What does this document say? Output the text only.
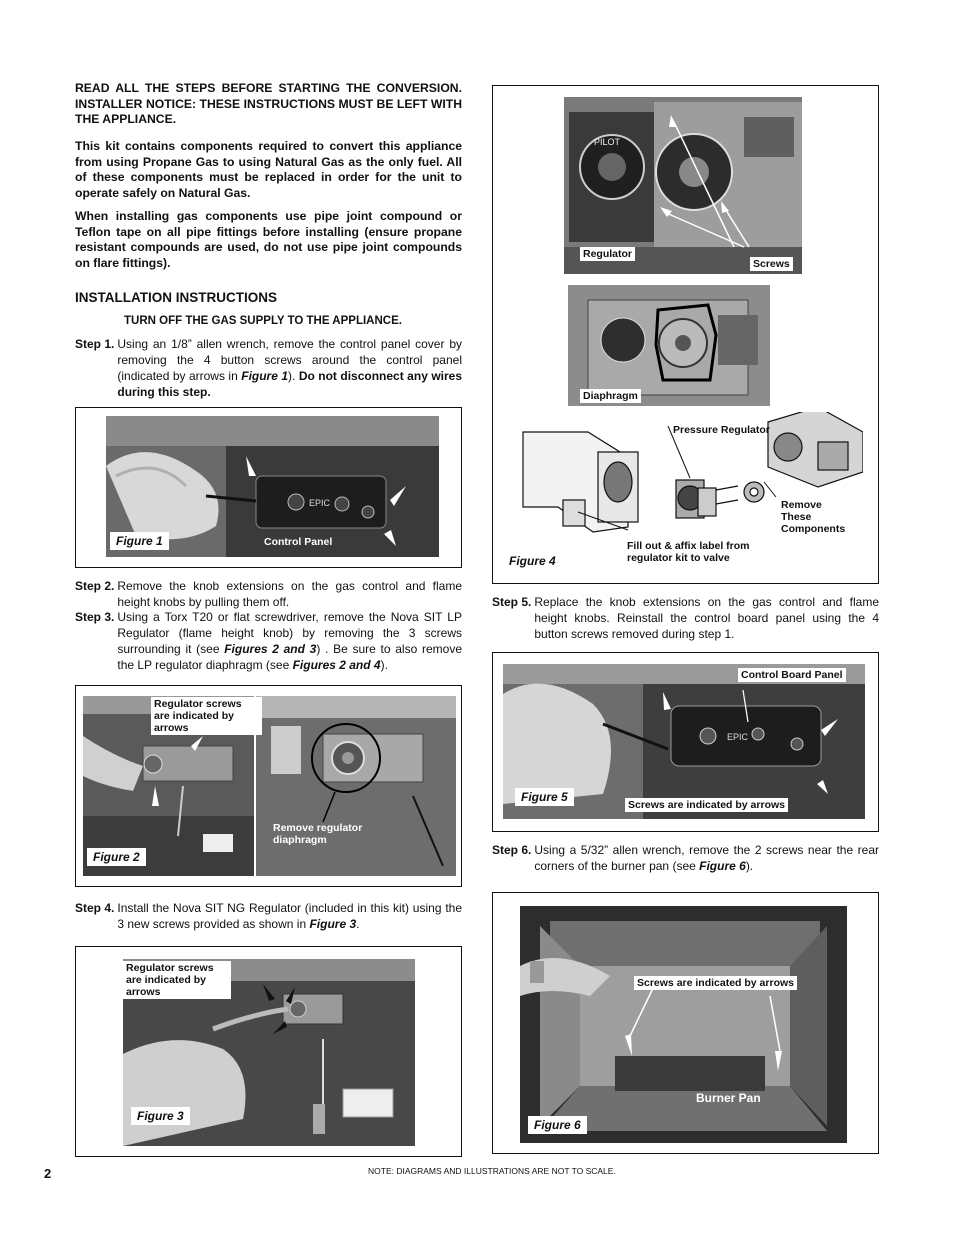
READ ALL THE STEPS BEFORE STARTING THE CONVERSION. INSTALLER NOTICE: THESE INSTRUCTIONS MUST BE LEFT WITH THE APPLIANCE.
This kit contains components required to convert this appliance from using Propane Gas to using Natural Gas as the only fuel. All of these components must be replaced in order for the unit to operate safely on Natural Gas.
When installing gas components use pipe joint compound or Teflon tape on all pipe fittings before installing (ensure propane resistant compounds are used, do not use pipe joint compounds on flare fittings).
INSTALLATION INSTRUCTIONS
TURN OFF THE GAS SUPPLY TO THE APPLIANCE.
Step 1. Using an 1/8” allen wrench, remove the control panel cover by removing the 4 button screws around the control panel (indicated by arrows in Figure 1). Do not disconnect any wires during this step.
EPIC
Figure 1	Control Panel
Step 2. Remove the knob extensions on the gas control and flame height knobs by pulling them off.
Step 3. Using a Torx T20 or flat screwdriver, remove the Nova SIT LP Regulator (flame height knob) by removing the 3 screws surrounding it (see Figures 2 and 3) . Be sure to also remove the LP regulator diaphragm (see Figures 2 and 4).
Regulator screws are indicated by arrows
Remove regulator diaphragm
Figure 2
Step 4. Install the Nova SIT NG Regulator (included in this kit) using the 3 new screws provided as shown in Figure 3.
Regulator screws are indicated by arrows
Figure 3
PILOT
Regulator
Screws
Diaphragm
Pressure Regulator
Remove These Components
Fill out & affix label from regulator kit to valve
Figure 4
Step 5. Replace the knob extensions on the gas control and flame height knobs. Reinstall the control board panel using the 4 button screws removed during step 1.
EPIC
Control Board Panel
Screws are indicated by arrows
Figure 5
Step 6. Using a 5/32” allen wrench, remove the 2 screws near the rear corners of the burner pan (see Figure 6).
Screws are indicated by arrows
Burner Pan
Figure 6
2	NOTE: DIAGRAMS AND ILLUSTRATIONS ARE NOT TO SCALE.
